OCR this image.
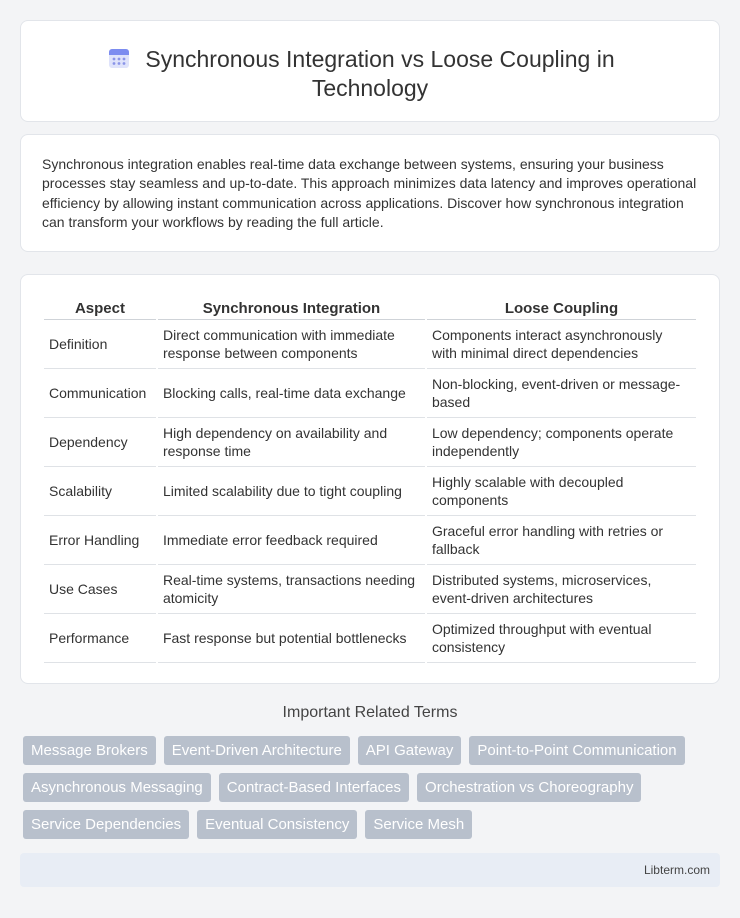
Synchronous Integration vs Loose Coupling in
Technology

Synchronous integration enables real-time data exchange between systems, ensuring your business processes stay seamless and up-to-date. This approach minimizes data latency and improves operational efficiency by allowing instant communication across applications. Discover how synchronous integration can transform your workflows by reading the full article.

Aspect	Synchronous Integration	Loose Coupling
Definition	Direct communication with immediate response between components	Components interact asynchronously with minimal direct dependencies
Communication	Blocking calls, real-time data exchange	Non-blocking, event-driven or message-based
Dependency	High dependency on availability and response time	Low dependency; components operate independently
Scalability	Limited scalability due to tight coupling	Highly scalable with decoupled components
Error Handling	Immediate error feedback required	Graceful error handling with retries or fallback
Use Cases	Real-time systems, transactions needing atomicity	Distributed systems, microservices, event-driven architectures
Performance	Fast response but potential bottlenecks	Optimized throughput with eventual consistency
Important Related Terms
Message Brokers	Event-Driven Architecture	API Gateway	Point-to-Point Communication
Asynchronous Messaging	Contract-Based Interfaces	Orchestration vs Choreography
Service Dependencies	Eventual Consistency	Service Mesh
Libterm.com
